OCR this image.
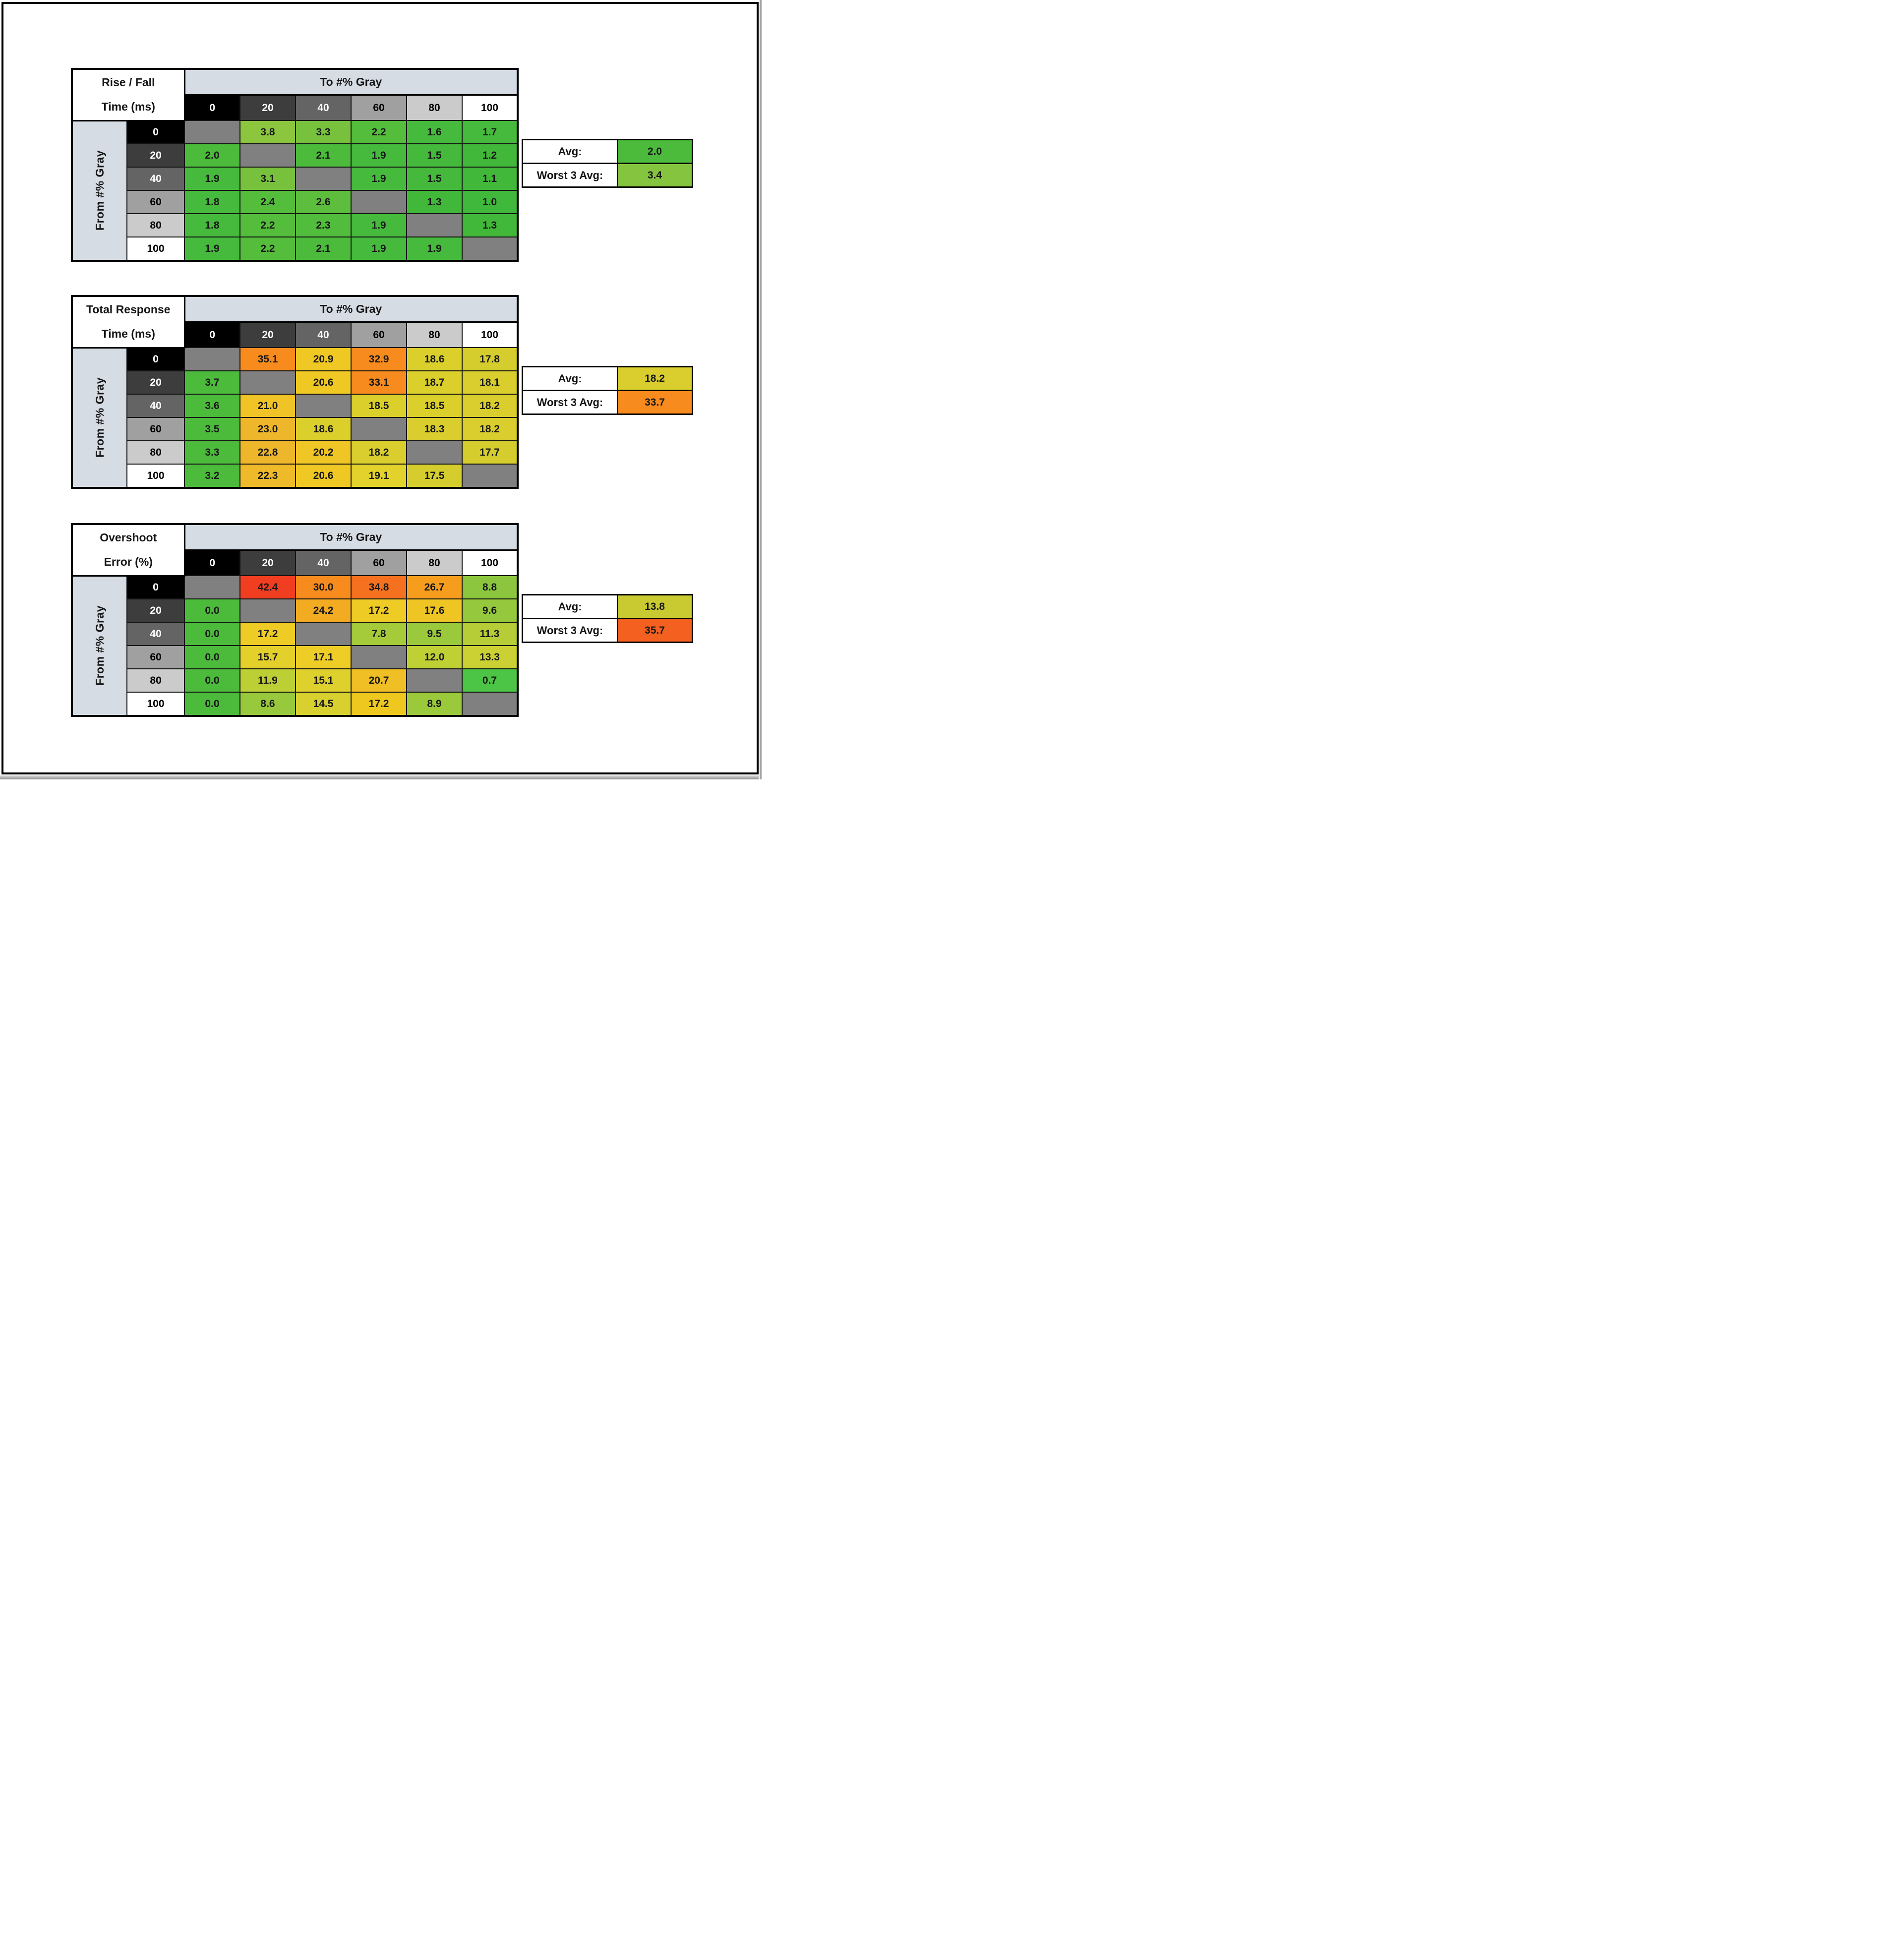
Rise / Fall
Time (ms)		To #% Gray					
		0	20	40	60	80	100

From #% Gray	0		3.8	3.3	2.2	1.6	1.7
	20	2.0		2.1	1.9	1.5	1.2
	40	1.9	3.1		1.9	1.5	1.1
	60	1.8	2.4	2.6		1.3	1.0
	80	1.8	2.2	2.3	1.9		1.3
	100	1.9	2.2	2.1	1.9	1.9	
Avg:	2.0
Worst 3 Avg:	3.4
Total Response
Time (ms)		To #% Gray					
		0	20	40	60	80	100

From #% Gray	0		35.1	20.9	32.9	18.6	17.8
	20	3.7		20.6	33.1	18.7	18.1
	40	3.6	21.0		18.5	18.5	18.2
	60	3.5	23.0	18.6		18.3	18.2
	80	3.3	22.8	20.2	18.2		17.7
	100	3.2	22.3	20.6	19.1	17.5	
Avg:	18.2
Worst 3 Avg:	33.7
Overshoot
Error (%)		To #% Gray					
		0	20	40	60	80	100

From #% Gray	0		42.4	30.0	34.8	26.7	8.8
	20	0.0		24.2	17.2	17.6	9.6
	40	0.0	17.2		7.8	9.5	11.3
	60	0.0	15.7	17.1		12.0	13.3
	80	0.0	11.9	15.1	20.7		0.7
	100	0.0	8.6	14.5	17.2	8.9	
Avg:	13.8
Worst 3 Avg:	35.7
